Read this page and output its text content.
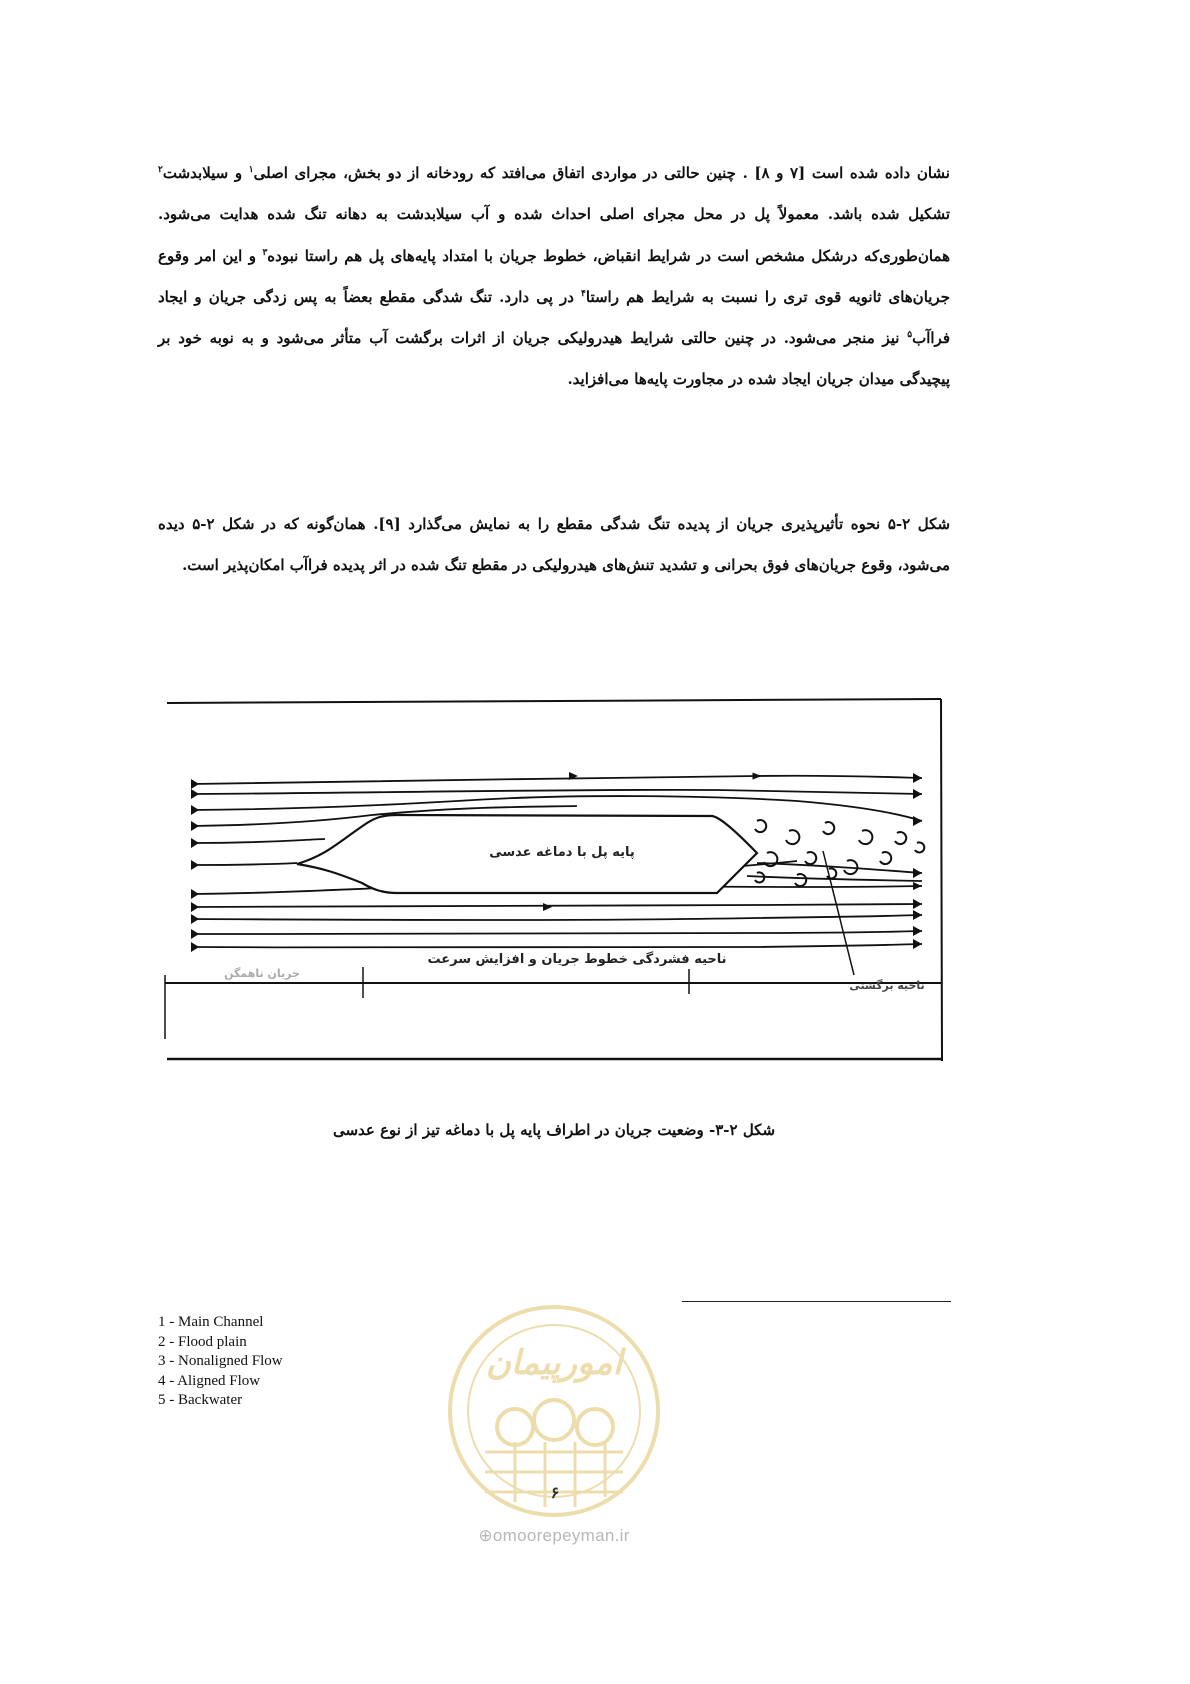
نشان داده شده است [۷ و ۸] . چنین حالتی در مواردی اتفاق می‌افتد که رودخانه از دو بخش، مجرای اصلی$^۱$ و سیلابدشت$^۲$ تشکیل شده باشد. معمولاً پل در محل مجرای اصلی احداث شده و آب سیلابدشت به دهانه تنگ شده هدایت می‌شود. همان‌طوری‌که درشکل مشخص است در شرایط انقباض، خطوط جریان با امتداد پایه‌های پل هم راستا نبوده$^۳$ و این امر وقوع جریان‌های ثانویه قوی تری را نسبت به شرایط هم راستا$^۴$ در پی دارد. تنگ شدگی مقطع بعضاً به پس زدگی جریان و ایجاد فراآب$^۵$ نیز منجر می‌شود. در چنین حالتی شرایط هیدرولیکی جریان از اثرات برگشت آب متأثر می‌شود و به نوبه خود بر پیچیدگی میدان جریان ایجاد شده در مجاورت پایه‌ها می‌افزاید.

شکل ۲-۵ نحوه تأثیرپذیری جریان از پدیده تنگ شدگی مقطع را به نمایش می‌گذارد [۹]. همان‌گونه که در شکل ۲-۵ دیده می‌شود، وقوع جریان‌های فوق بحرانی و تشدید تنش‌های هیدرولیکی در مقطع تنگ شده در اثر پدیده فراآب امکان‌پذیر است.

پایه پل با دماغه عدسی
ناحیه فشردگی خطوط جریان و افزایش سرعت
ناحیه برگشتی
جریان ناهمگن

شکل ۲-۳- وضعیت جریان در اطراف پایه پل با دماغه تیز از نوع عدسی

1 - Main Channel
2 - Flood plain
3 - Nonaligned Flow
4 - Aligned Flow
5 - Backwater
امورپیمان
۶
⊕omoorepeyman.ir
